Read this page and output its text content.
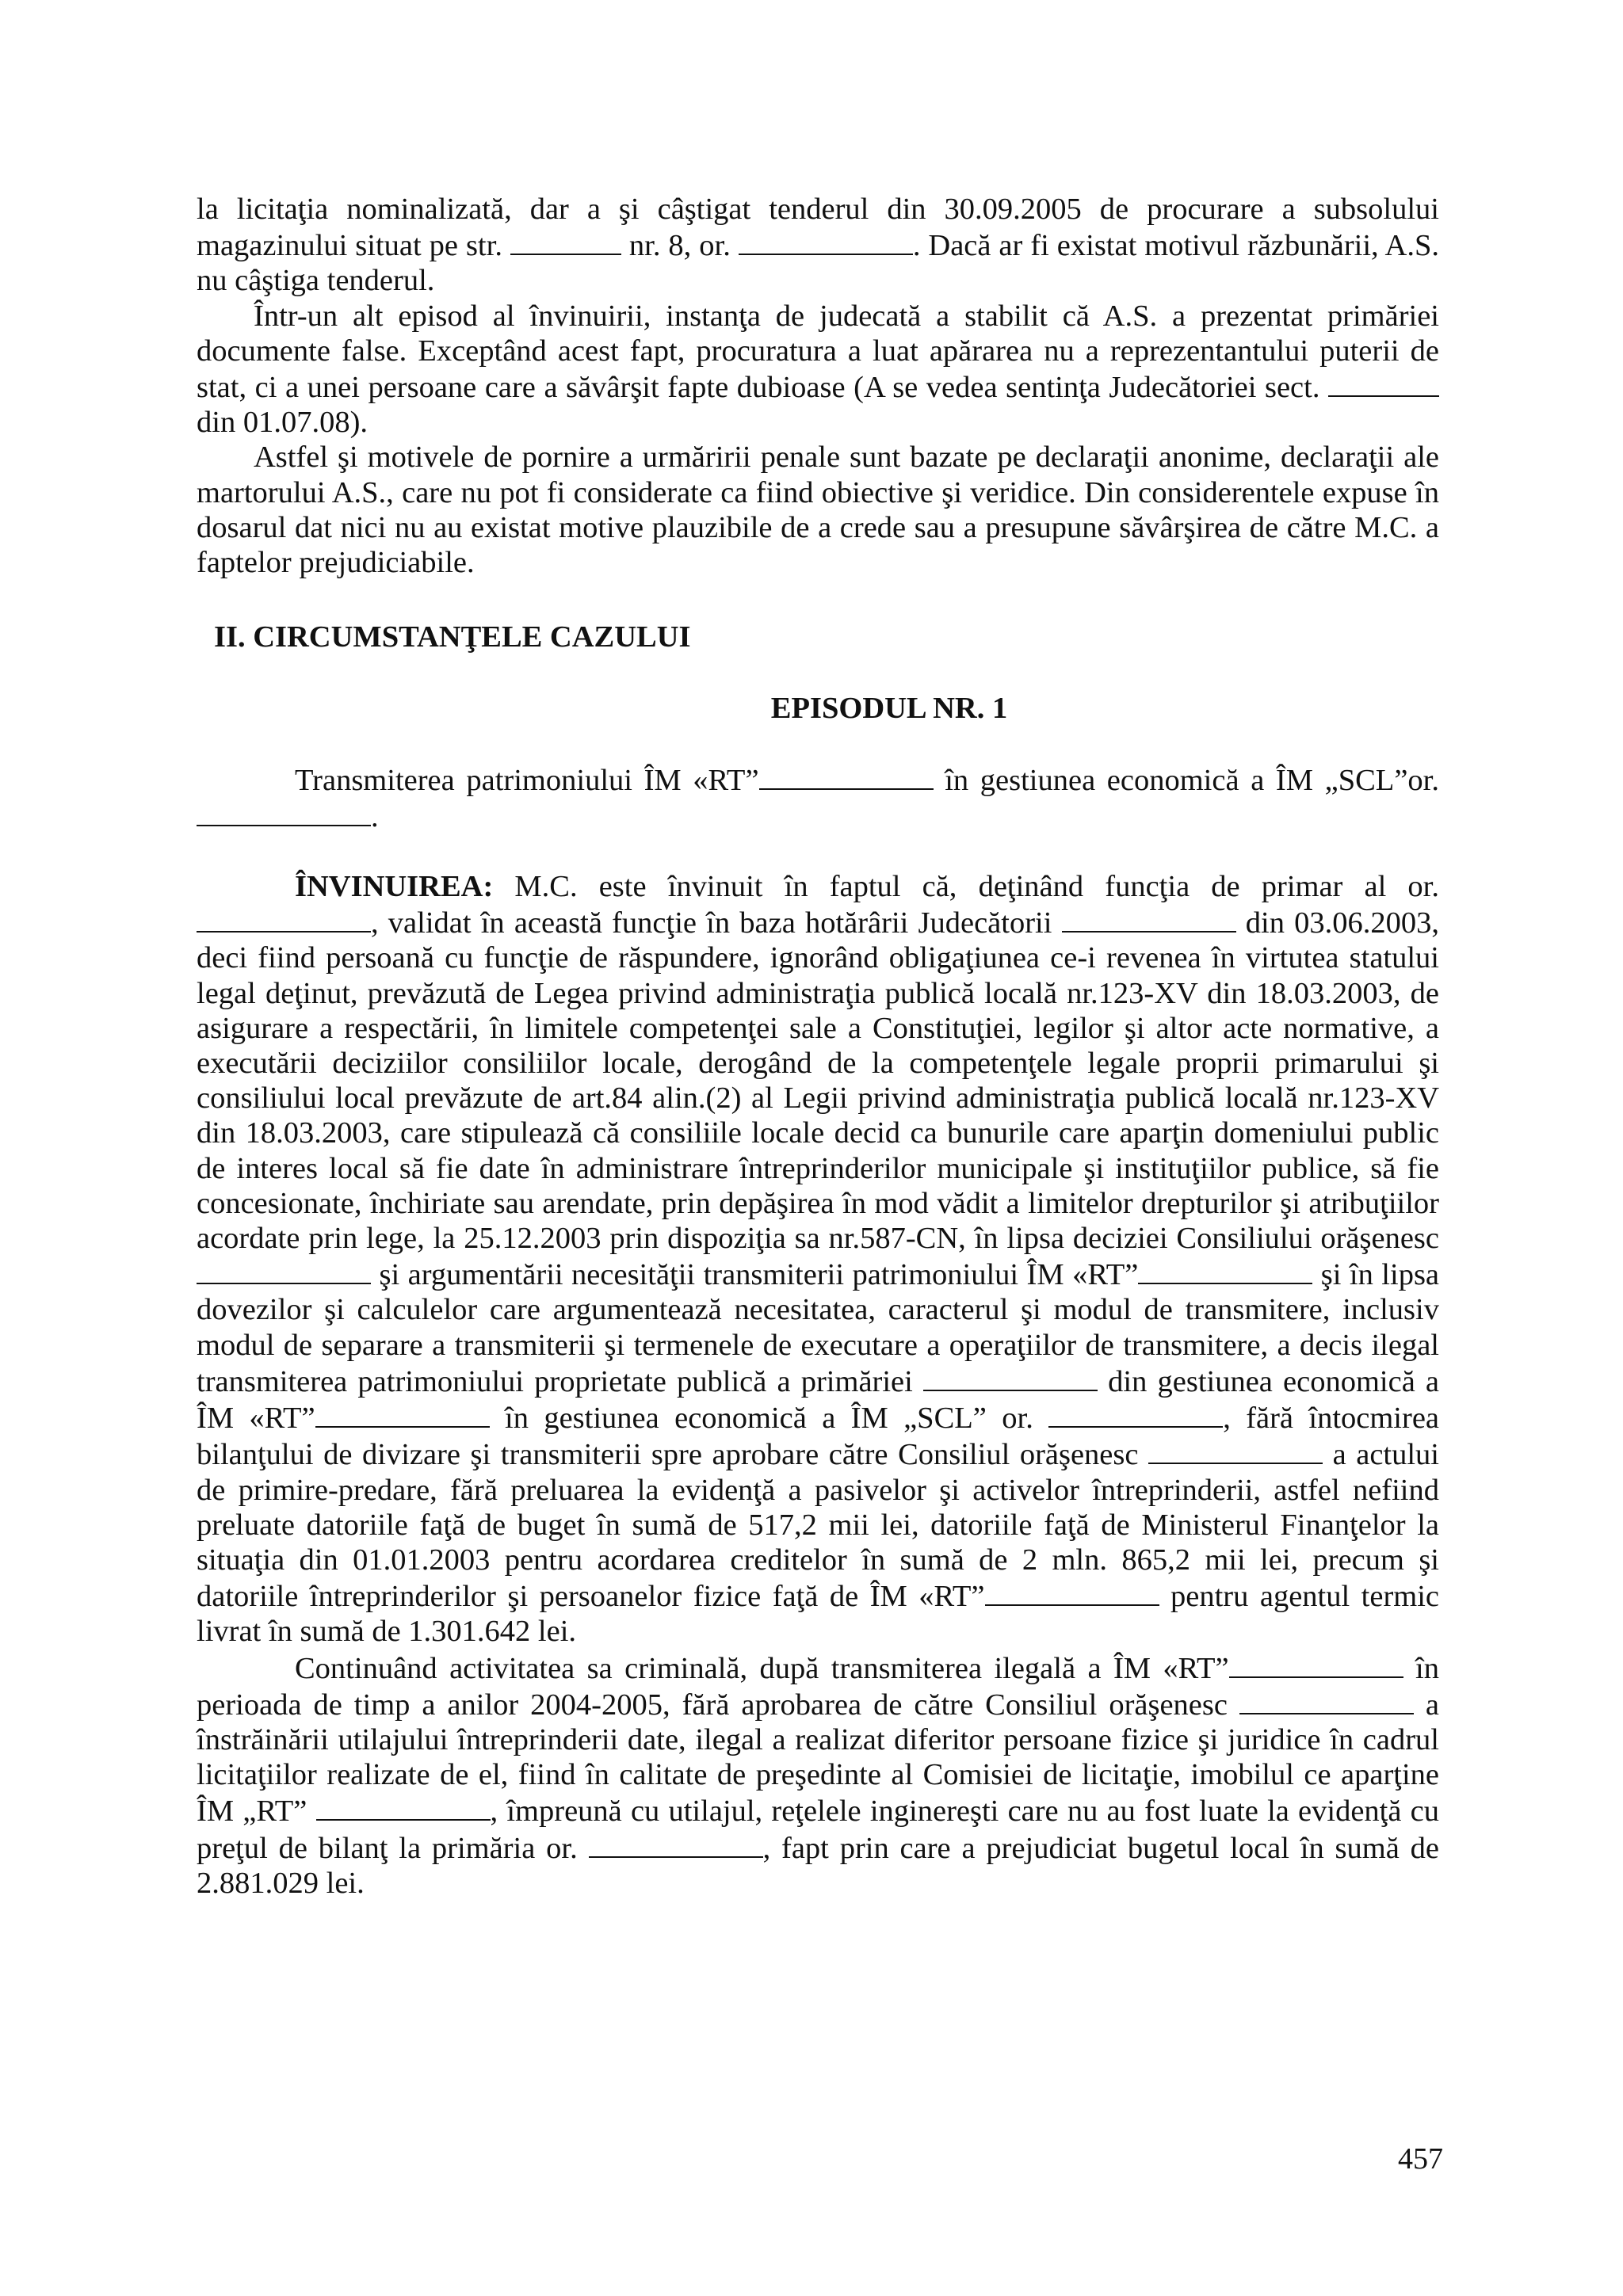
la licitaţia nominalizată, dar a şi câştigat tenderul din 30.09.2005 de procurare a subsolului magazinului situat pe str.	nr. 8, or.	. Dacă ar fi existat motivul răzbunării, A.S. nu câştiga tenderul.

Într-un alt episod al învinuirii, instanţa de judecată a stabilit că A.S. a prezentat primăriei documente false. Exceptând acest fapt, procuratura a luat apărarea nu a reprezentantului puterii de stat, ci a unei persoane care a săvârşit fapte dubioase (A se vedea sentinţa Judecătoriei sect.  din 01.07.08).

Astfel şi motivele de pornire a urmăririi penale sunt bazate pe declaraţii anonime, declaraţii ale martorului A.S., care nu pot fi considerate ca fiind obiective şi veridice. Din considerentele expuse în dosarul dat nici nu au existat motive plauzibile de a crede sau a presupune săvârşirea de către M.C. a faptelor prejudiciabile.

II. CIRCUMSTANŢELE CAZULUI

EPISODUL NR. 1

Transmiterea patrimoniului ÎM «RT”	în gestiunea economică a ÎM „SCL”or. .

ÎNVINUIREA: M.C. este învinuit în faptul că, deţinând funcţia de primar al or. , validat în această funcţie în baza hotărârii Judecătorii	din 03.06.2003, deci fiind persoană cu funcţie de răspundere, ignorând obligaţiunea ce-i revenea în virtutea statului legal deţinut, prevăzută de Legea privind administraţia publică locală nr.123-XV din 18.03.2003, de asigurare a respectării, în limitele competenţei sale a Constituţiei, legilor şi altor acte normative, a executării deciziilor consiliilor locale, derogând de la competenţele legale proprii primarului şi consiliului local prevăzute de art.84 alin.(2) al Legii privind administraţia publică locală nr.123-XV din 18.03.2003, care stipulează că consiliile locale decid ca bunurile care aparţin domeniului public de interes local să fie date în administrare întreprinderilor municipale şi instituţiilor publice, să fie concesionate, închiriate sau arendate, prin depăşirea în mod vădit a limitelor drepturilor şi atribuţiilor acordate prin lege, la 25.12.2003 prin dispoziţia sa nr.587-CN, în lipsa deciziei Consiliului orăşenesc  şi argumentării necesităţii transmiterii patrimoniului ÎM «RT”	şi în lipsa dovezilor şi calculelor care argumentează necesitatea, caracterul şi modul de transmitere, inclusiv modul de separare a transmiterii şi termenele de executare a operaţiilor de transmitere, a decis ilegal transmiterea patrimoniului proprietate publică a primăriei	din gestiunea economică a ÎM «RT”	în gestiunea economică a ÎM „SCL” or.	, fără întocmirea bilanţului de divizare şi transmiterii spre aprobare către Consiliul orăşenesc	a actului de primire-predare, fără preluarea la evidenţă a pasivelor şi activelor întreprinderii, astfel nefiind preluate datoriile faţă de buget în sumă de 517,2 mii lei, datoriile faţă de Ministerul Finanţelor la situaţia din 01.01.2003 pentru acordarea creditelor în sumă de 2 mln. 865,2 mii lei, precum şi datoriile întreprinderilor şi persoanelor fizice faţă de ÎM «RT”	pentru agentul termic livrat în sumă de 1.301.642 lei.

Continuând activitatea sa criminală, după transmiterea ilegală a ÎM «RT”	în perioada de timp a anilor 2004-2005, fără aprobarea de către Consiliul orăşenesc	a înstrăinării utilajului întreprinderii date, ilegal a realizat diferitor persoane fizice şi juridice în cadrul licitaţiilor realizate de el, fiind în calitate de preşedinte al Comisiei de licitaţie, imobilul ce aparţine ÎM „RT”	, împreună cu utilajul, reţelele inginereşti care nu au fost luate la evidenţă cu preţul de bilanţ la primăria or.	, fapt prin care a prejudiciat bugetul local în sumă de 2.881.029 lei.

457
